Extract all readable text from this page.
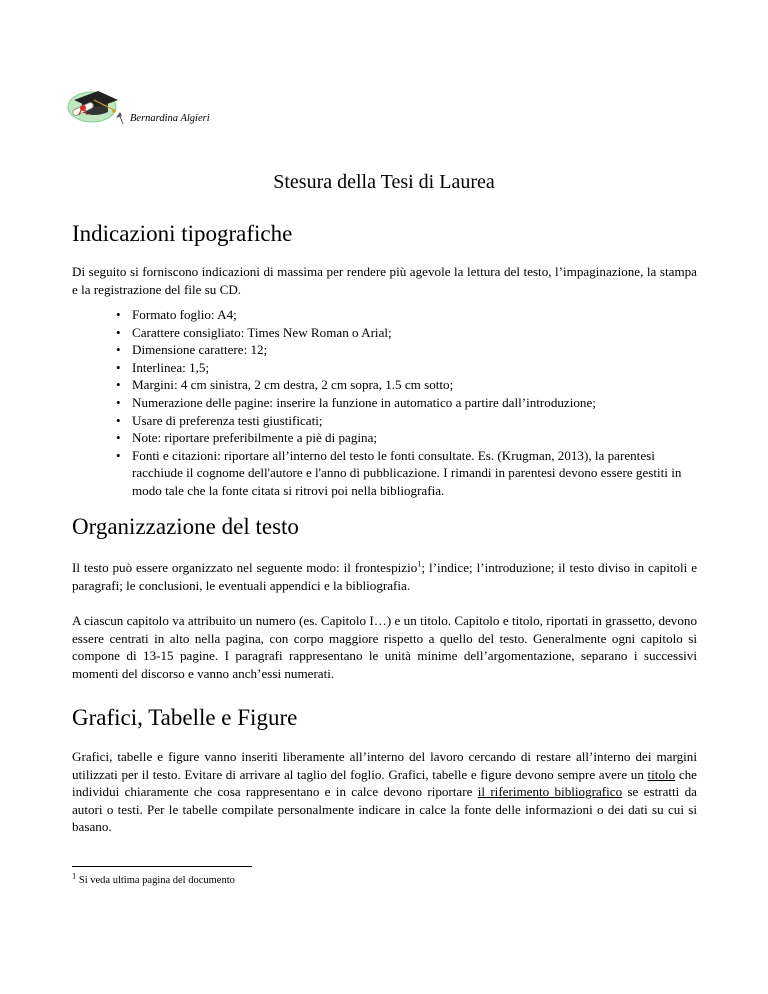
Bernardina Algieri
Stesura della Tesi di Laurea
Indicazioni tipografiche

Di seguito si forniscono indicazioni di massima per rendere più agevole la lettura del testo, l’impaginazione, la stampa e la registrazione del file su CD.

• Formato foglio: A4;
• Carattere consigliato: Times New Roman o Arial;
• Dimensione carattere: 12;
• Interlinea: 1,5;
• Margini: 4 cm sinistra, 2 cm destra, 2 cm sopra, 1.5 cm sotto;
• Numerazione delle pagine: inserire la funzione in automatico a partire dall’introduzione;
• Usare di preferenza testi giustificati;
• Note: riportare preferibilmente a piè di pagina;
• Fonti e citazioni: riportare all’interno del testo le fonti consultate. Es. (Krugman, 2013), la parentesi racchiude il cognome dell'autore e l'anno di pubblicazione. I rimandi in parentesi devono essere gestiti in modo tale che la fonte citata si ritrovi poi nella bibliografia.
Organizzazione del testo

Il testo può essere organizzato nel seguente modo: il frontespizio$^1$; l’indice; l’introduzione; il testo diviso in capitoli e paragrafi; le conclusioni, le eventuali appendici e la bibliografia.

A ciascun capitolo va attribuito un numero (es. Capitolo I…) e un titolo. Capitolo e titolo, riportati in grassetto, devono essere centrati in alto nella pagina, con corpo maggiore rispetto a quello del testo. Generalmente ogni capitolo si compone di 13-15 pagine. I paragrafi rappresentano le unità minime dell’argomentazione, separano i successivi momenti del discorso e vanno anch’essi numerati.

Grafici, Tabelle e Figure

Grafici, tabelle e figure vanno inseriti liberamente all’interno del lavoro cercando di restare all’interno dei margini utilizzati per il testo. Evitare di arrivare al taglio del foglio. Grafici, tabelle e figure devono sempre avere un titolo che individui chiaramente che cosa rappresentano e in calce devono riportare il riferimento bibliografico se estratti da autori o testi. Per le tabelle compilate personalmente indicare in calce la fonte delle informazioni o dei dati su cui si basano.

$^1$ Si veda ultima pagina del documento
